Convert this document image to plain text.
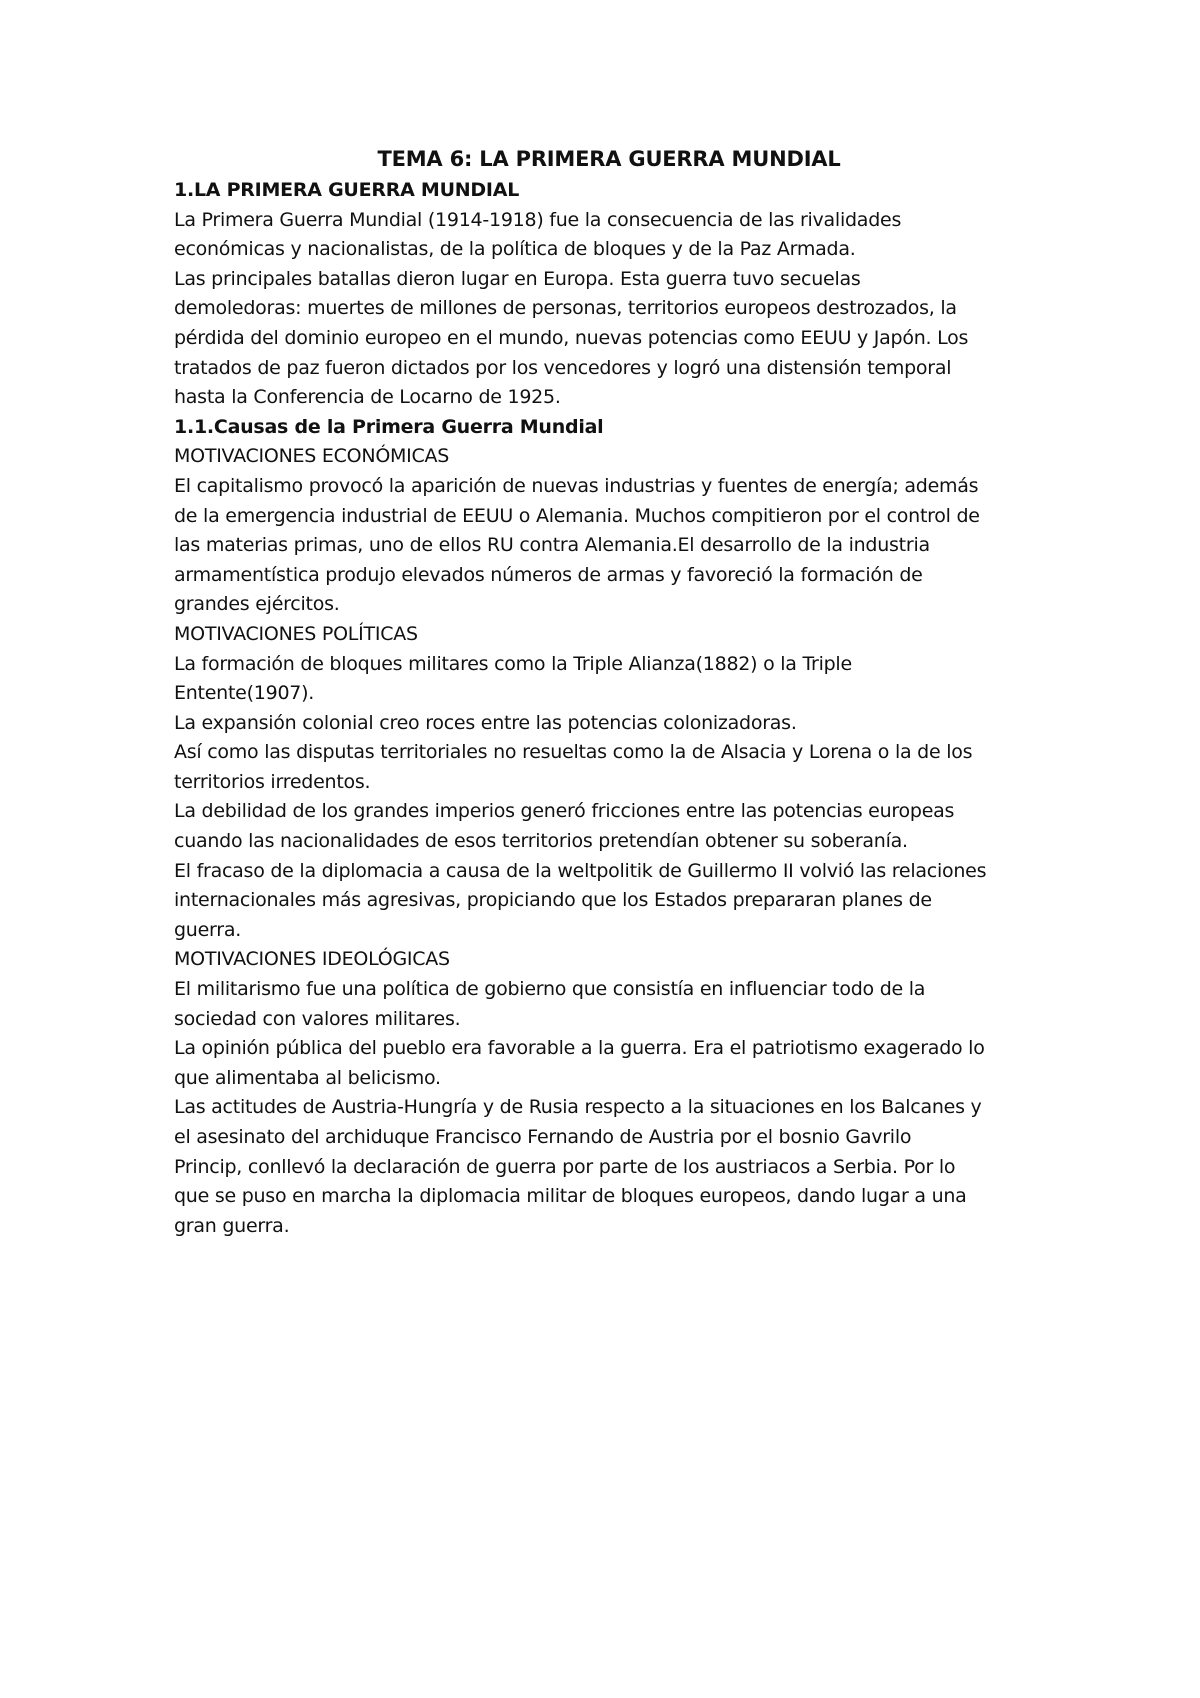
TEMA 6: LA PRIMERA GUERRA MUNDIAL

1.LA PRIMERA GUERRA MUNDIAL

La Primera Guerra Mundial (1914-1918) fue la consecuencia de las rivalidades

económicas y nacionalistas, de la política de bloques y de la Paz Armada.

Las principales batallas dieron lugar en Europa. Esta guerra tuvo secuelas

demoledoras: muertes de millones de personas, territorios europeos destrozados, la

pérdida del dominio europeo en el mundo, nuevas potencias como EEUU y Japón. Los

tratados de paz fueron dictados por los vencedores y logró una distensión temporal

hasta la Conferencia de Locarno de 1925.

1.1.Causas de la Primera Guerra Mundial

MOTIVACIONES ECONÓMICAS

El capitalismo provocó la aparición de nuevas industrias y fuentes de energía; además

de la emergencia industrial de EEUU o Alemania. Muchos compitieron por el control de

las materias primas, uno de ellos RU contra Alemania.El desarrollo de la industria

armamentística produjo elevados números de armas y favoreció la formación de

grandes ejércitos.

MOTIVACIONES POLÍTICAS

La formación de bloques militares como la Triple Alianza(1882) o la Triple

Entente(1907).

La expansión colonial creo roces entre las potencias colonizadoras.

Así como las disputas territoriales no resueltas como la de Alsacia y Lorena o la de los

territorios irredentos.

La debilidad de los grandes imperios generó fricciones entre las potencias europeas

cuando las nacionalidades de esos territorios pretendían obtener su soberanía.

El fracaso de la diplomacia a causa de la weltpolitik de Guillermo II volvió las relaciones

internacionales más agresivas, propiciando que los Estados prepararan planes de

guerra.

MOTIVACIONES IDEOLÓGICAS

El militarismo fue una política de gobierno que consistía en influenciar todo de la

sociedad con valores militares.

La opinión pública del pueblo era favorable a la guerra. Era el patriotismo exagerado lo

que alimentaba al belicismo.

Las actitudes de Austria-Hungría y de Rusia respecto a la situaciones en los Balcanes y

el asesinato del archiduque Francisco Fernando de Austria por el bosnio Gavrilo

Princip, conllevó la declaración de guerra por parte de los austriacos a Serbia. Por lo

que se puso en marcha la diplomacia militar de bloques europeos, dando lugar a una

gran guerra.
